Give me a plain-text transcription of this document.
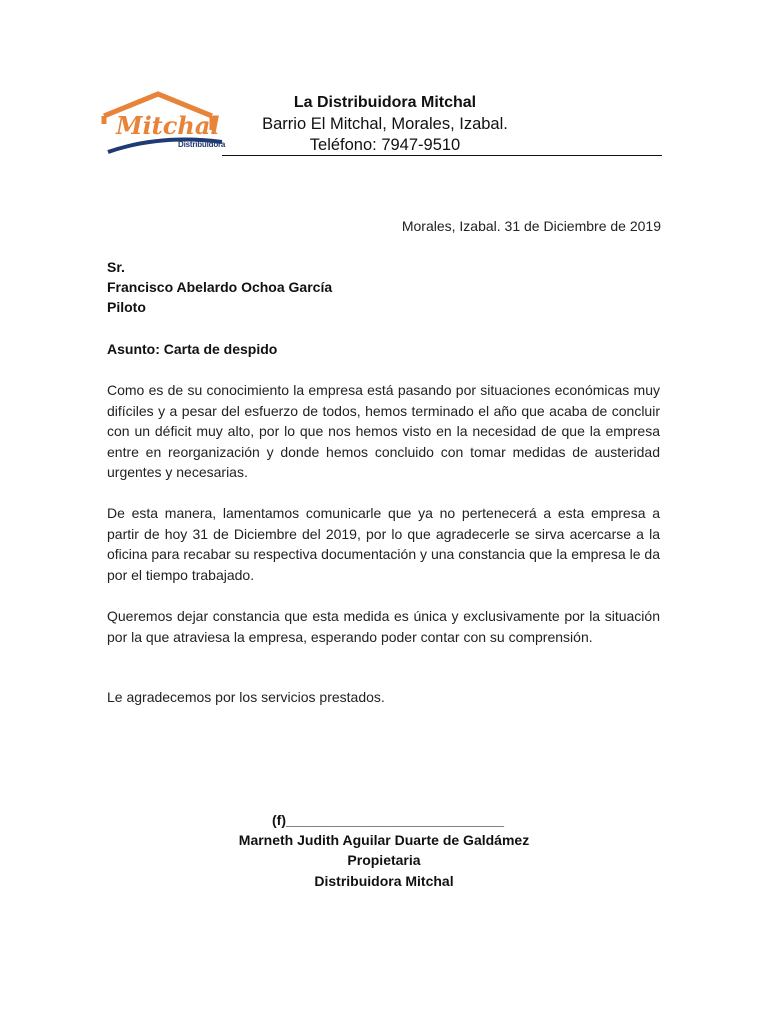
Mitchal
Distribuidora
La Distribuidora Mitchal
Barrio El Mitchal, Morales, Izabal.
Teléfono: 7947-9510
Morales, Izabal. 31 de Diciembre de 2019
Sr.
Francisco Abelardo Ochoa García
Piloto
Asunto: Carta de despido
Como es de su conocimiento la empresa está pasando por situaciones económicas muy difíciles y a pesar del esfuerzo de todos, hemos terminado el año que acaba de concluir con un déficit muy alto, por lo que nos hemos visto en la necesidad de que la empresa entre en reorganización y donde hemos concluido con tomar medidas de austeridad urgentes y necesarias.
De esta manera, lamentamos comunicarle que ya no pertenecerá a esta empresa a partir de hoy 31 de Diciembre del 2019, por lo que agradecerle se sirva acercarse a la oficina para recabar su respectiva documentación y una constancia que la empresa le da por el tiempo trabajado.
Queremos dejar constancia que esta medida es única y exclusivamente por la situación por la que atraviesa la empresa, esperando poder contar con su comprensión.
Le agradecemos por los servicios prestados.
(f)____________________________
Marneth Judith Aguilar Duarte de Galdámez
Propietaria
Distribuidora Mitchal
